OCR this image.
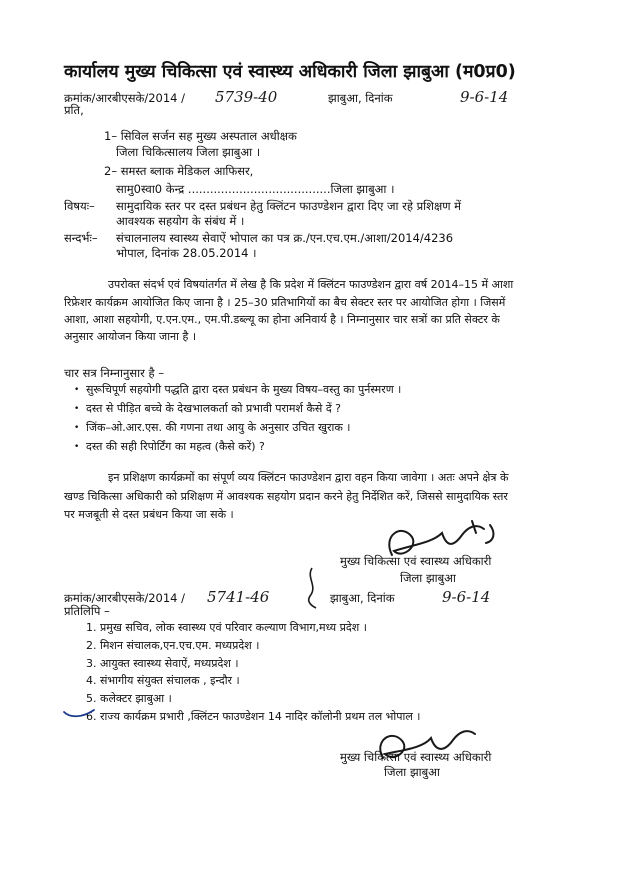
कार्यालय मुख्य चिकित्सा एवं स्वास्थ्य अधिकारी जिला झाबुआ (म0प्र0)
क्रमांक/आरबीएसके/2014 / 5739-40	झाबुआ, दिनांक	9-6-14
प्रति,
1– सिविल सर्जन सह मुख्य अस्पताल अधीक्षक
जिला चिकित्सालय जिला झाबुआ ।
2– समस्त ब्लाक मेडिकल आफिसर,
सामु0स्वा0 केन्द्र .......................................जिला झाबुआ ।
विषयः– सामुदायिक स्तर पर दस्त प्रबंधन हेतु क्लिंटन फाउण्डेशन द्वारा दिए जा रहे प्रशिक्षण में
आवश्यक सहयोग के संबंध में ।
सन्दर्भः– संचालनालय स्वास्थ्य सेवाऐं भोपाल का पत्र क्र./एन.एच.एम./आशा/2014/4236
भोपाल, दिनांक 28.05.2014 ।
उपरोक्त संदर्भ एवं विषयांतर्गत में लेख है कि प्रदेश में क्लिंटन फाउण्डेशन द्वारा वर्ष 2014–15 में आशा
रिफ्रेशर कार्यक्रम आयोजित किए जाना है । 25–30 प्रतिभागियों का बैच सेक्टर स्तर पर आयोजित होगा । जिसमें
आशा, आशा सहयोगी, ए.एन.एम., एम.पी.डब्ल्यू का होना अनिवार्य है । निम्नानुसार चार सत्रों का प्रति सेक्टर के
अनुसार आयोजन किया जाना है ।
चार सत्र निम्नानुसार है –
• सुरूचिपूर्ण सहयोगी पद्धति द्वारा दस्त प्रबंधन के मुख्य विषय–वस्तु का पुर्नस्मरण ।
• दस्त से पीड़ित बच्चे के देखभालकर्ता को प्रभावी परामर्श कैसे दें ?
• जिंक–ओ.आर.एस. की गणना तथा आयु के अनुसार उचित खुराक ।
• दस्त की सही रिपोर्टिंग का महत्व (कैसे करें) ?
इन प्रशिक्षण कार्यक्रमों का संपूर्ण व्यय क्लिंटन फाउण्डेशन द्वारा वहन किया जावेगा । अतः अपने क्षेत्र के
खण्ड चिकित्सा अधिकारी को प्रशिक्षण में आवश्यक सहयोग प्रदान करने हेतु निर्देशित करें, जिससे सामुदायिक स्तर
पर मजबूती से दस्त प्रबंधन किया जा सके ।
मुख्य चिकित्सा एवं स्वास्थ्य अधिकारी
जिला झाबुआ
क्रमांक/आरबीएसके/2014 / 5741-46	झाबुआ, दिनांक	9-6-14
प्रतिलिपि –
1. प्रमुख सचिव, लोक स्वास्थ्य एवं परिवार कल्याण विभाग,मध्य प्रदेश ।
2. मिशन संचालक,एन.एच.एम. मध्यप्रदेश ।
3. आयुक्त स्वास्थ्य सेवाऐं, मध्यप्रदेश ।
4. संभागीय संयुक्त संचालक , इन्दौर ।
5. कलेक्टर झाबुआ ।
6. राज्य कार्यक्रम प्रभारी ,क्लिंटन फाउण्डेशन 14 नादिर कॉलोनी प्रथम तल भोपाल ।
मुख्य चिकित्सा एवं स्वास्थ्य अधिकारी
जिला झाबुआ
